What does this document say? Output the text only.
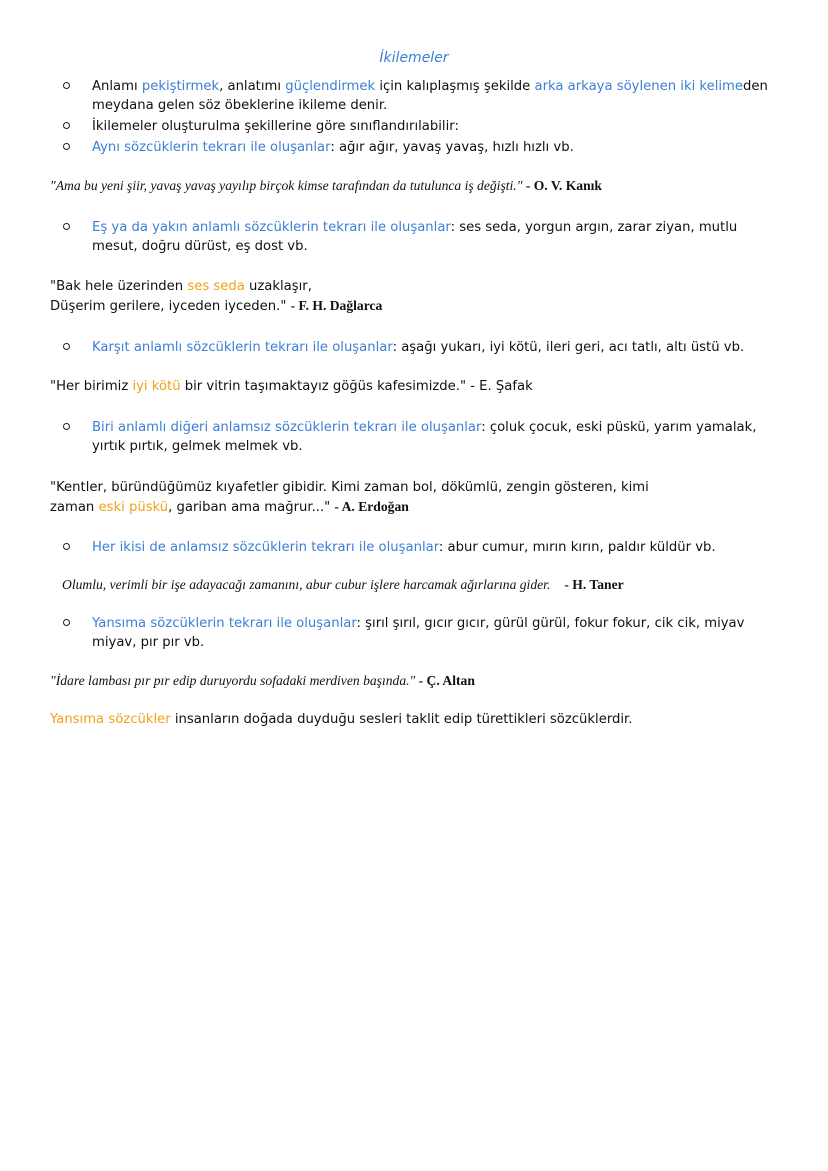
İkilemeler
Anlamı pekiştirmek, anlatımı güçlendirmek için kalıplaşmış şekilde arka arkaya söylenen iki kelimeden
meydana gelen söz öbeklerine ikileme denir.
İkilemeler oluşturulma şekillerine göre sınıflandırılabilir:
Aynı sözcüklerin tekrarı ile oluşanlar: ağır ağır, yavaş yavaş, hızlı hızlı vb.
"Ama bu yeni şiir, yavaş yavaş yayılıp birçok kimse tarafından da tutulunca iş değişti." - O. V. Kanık
Eş ya da yakın anlamlı sözcüklerin tekrarı ile oluşanlar: ses seda, yorgun argın, zarar ziyan, mutlu
mesut, doğru dürüst, eş dost vb.
"Bak hele üzerinden ses seda uzaklaşır,
Düşerim gerilere, iyceden iyceden." - F. H. Dağlarca
Karşıt anlamlı sözcüklerin tekrarı ile oluşanlar: aşağı yukarı, iyi kötü, ileri geri, acı tatlı, altı üstü vb.
"Her birimiz iyi kötü bir vitrin taşımaktayız göğüs kafesimizde." - E. Şafak
Biri anlamlı diğeri anlamsız sözcüklerin tekrarı ile oluşanlar: çoluk çocuk, eski püskü, yarım yamalak,
yırtık pırtık, gelmek melmek vb.
"Kentler, büründüğümüz kıyafetler gibidir. Kimi zaman bol, dökümlü, zengin gösteren, kimi
zaman eski püskü, gariban ama mağrur..." - A. Erdoğan
Her ikisi de anlamsız sözcüklerin tekrarı ile oluşanlar: abur cumur, mırın kırın, paldır küldür vb.
Olumlu, verimli bir işe adayacağı zamanını, abur cubur işlere harcamak ağırlarına gider. - H. Taner
Yansıma sözcüklerin tekrarı ile oluşanlar: şırıl şırıl, gıcır gıcır, gürül gürül, fokur fokur, cik cik, miyav
miyav, pır pır vb.
"İdare lambası pır pır edip duruyordu sofadaki merdiven başında." - Ç. Altan
Yansıma sözcükler insanların doğada duyduğu sesleri taklit edip türettikleri sözcüklerdir.
